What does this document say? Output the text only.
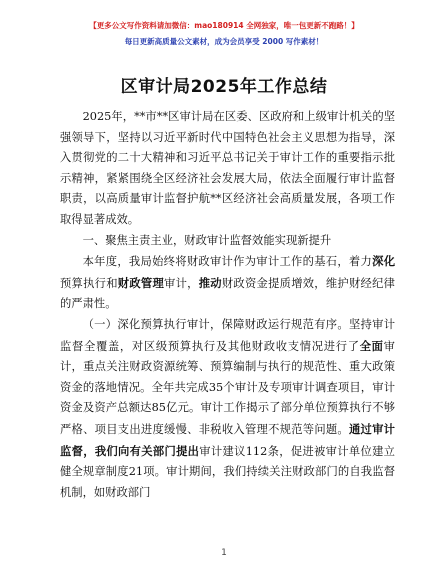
【更多公文写作资料请加微信：mao180914 全网独家，唯一包更新不跑路！】
每日更新高质量公文素材，成为会员享受 2000 写作素材！
区审计局2025年工作总结

2025年，**市**区审计局在区委、区政府和上级审计机关的坚强领导下，坚持以习近平新时代中国特色社会主义思想为指导，深入贯彻党的二十大精神和习近平总书记关于审计工作的重要指示批示精神，紧紧围绕全区经济社会发展大局，依法全面履行审计监督职责，以高质量审计监督护航**区经济社会高质量发展，各项工作取得显著成效。

一、聚焦主责主业，财政审计监督效能实现新提升

本年度，我局始终将财政审计作为审计工作的基石，着力深化预算执行和财政管理审计，推动财政资金提质增效，维护财经纪律的严肃性。

（一）深化预算执行审计，保障财政运行规范有序。坚持审计监督全覆盖，对区级预算执行及其他财政收支情况进行了全面审计，重点关注财政资源统筹、预算编制与执行的规范性、重大政策资金的落地情况。全年共完成35个审计及专项审计调查项目，审计资金及资产总额达85亿元。审计工作揭示了部分单位预算执行不够严格、项目支出进度缓慢、非税收入管理不规范等问题。通过审计监督，我们向有关部门提出审计建议112条，促进被审计单位建立健全规章制度21项。审计期间，我们持续关注财政部门的自我监督机制，如财政部门

1
